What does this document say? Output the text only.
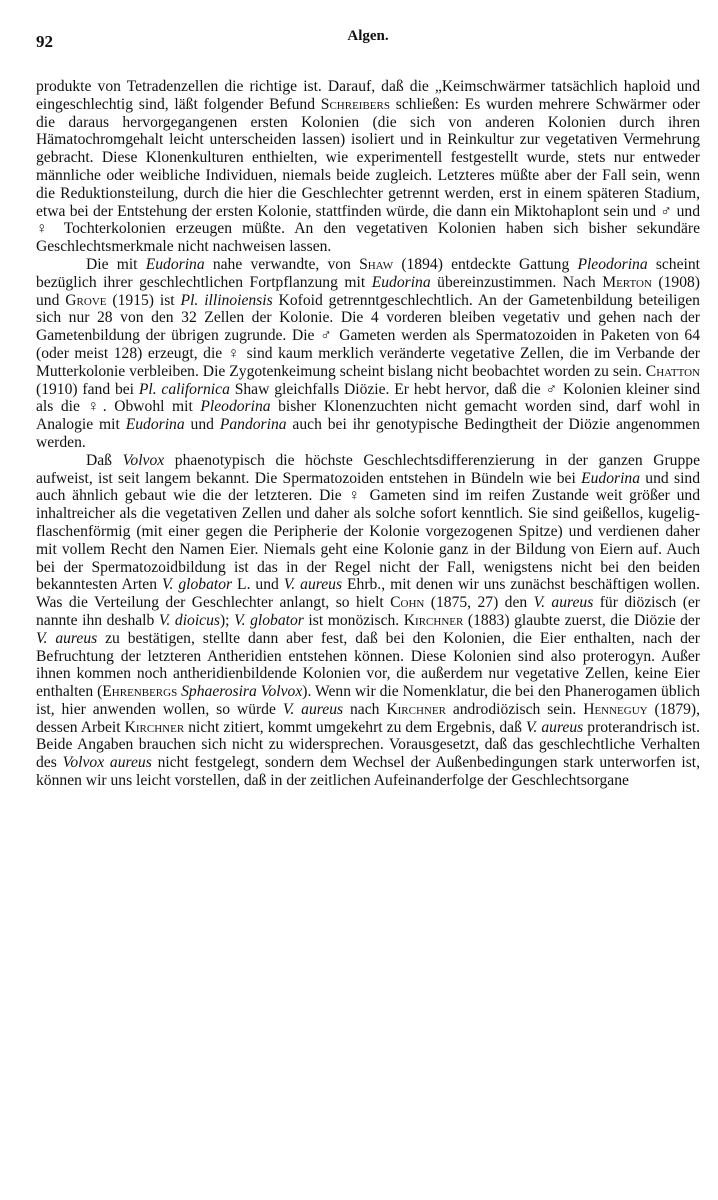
92	Algen.

produkte von Tetradenzellen die richtige ist. Darauf, daß die „Keimschwärmer tatsächlich haploid und eingeschlechtig sind, läßt folgender Befund Schreibers schließen: Es wurden mehrere Schwärmer oder die daraus hervorgegangenen ersten Kolonien (die sich von anderen Kolonien durch ihren Hämatochromgehalt leicht unterscheiden lassen) isoliert und in Reinkultur zur vegetativen Vermehrung gebracht. Diese Klonenkulturen enthielten, wie experimentell festgestellt wurde, stets nur entweder männliche oder weibliche Individuen, niemals beide zugleich. Letzteres müßte aber der Fall sein, wenn die Reduktionsteilung, durch die hier die Geschlechter getrennt werden, erst in einem späteren Stadium, etwa bei der Entstehung der ersten Kolonie, stattfinden würde, die dann ein Miktohaplont sein und ♂ und ♀ Tochterkolonien erzeugen müßte. An den vegetativen Kolonien haben sich bisher sekundäre Geschlechtsmerkmale nicht nachweisen lassen.

Die mit Eudorina nahe verwandte, von Shaw (1894) entdeckte Gattung Pleodorina scheint bezüglich ihrer geschlechtlichen Fortpflanzung mit Eudorina übereinzustimmen. Nach Merton (1908) und Grove (1915) ist Pl. illinoiensis Kofoid getrenntgeschlechtlich. An der Gametenbildung beteiligen sich nur 28 von den 32 Zellen der Kolonie. Die 4 vorderen bleiben vegetativ und gehen nach der Gametenbildung der übrigen zugrunde. Die ♂ Gameten werden als Spermatozoiden in Paketen von 64 (oder meist 128) erzeugt, die ♀ sind kaum merklich veränderte vegetative Zellen, die im Verbande der Mutterkolonie verbleiben. Die Zygotenkeimung scheint bislang nicht beobachtet worden zu sein. Chatton (1910) fand bei Pl. californica Shaw gleichfalls Diözie. Er hebt hervor, daß die ♂ Kolonien kleiner sind als die ♀. Obwohl mit Pleodorina bisher Klonenzuchten nicht gemacht worden sind, darf wohl in Analogie mit Eudorina und Pandorina auch bei ihr genotypische Bedingtheit der Diözie angenommen werden.

Daß Volvox phaenotypisch die höchste Geschlechtsdifferenzierung in der ganzen Gruppe aufweist, ist seit langem bekannt. Die Spermatozoiden entstehen in Bündeln wie bei Eudorina und sind auch ähnlich gebaut wie die der letzteren. Die ♀ Gameten sind im reifen Zustande weit größer und inhaltreicher als die vegetativen Zellen und daher als solche sofort kenntlich. Sie sind geißellos, kugelig-flaschenförmig (mit einer gegen die Peripherie der Kolonie vorgezogenen Spitze) und verdienen daher mit vollem Recht den Namen Eier. Niemals geht eine Kolonie ganz in der Bildung von Eiern auf. Auch bei der Spermatozoidbildung ist das in der Regel nicht der Fall, wenigstens nicht bei den beiden bekanntesten Arten V. globator L. und V. aureus Ehrb., mit denen wir uns zunächst beschäftigen wollen. Was die Verteilung der Geschlechter anlangt, so hielt Cohn (1875, 27) den V. aureus für diözisch (er nannte ihn deshalb V. dioicus); V. globator ist monözisch. Kirchner (1883) glaubte zuerst, die Diözie der V. aureus zu bestätigen, stellte dann aber fest, daß bei den Kolonien, die Eier enthalten, nach der Befruchtung der letzteren Antheridien entstehen können. Diese Kolonien sind also proterogyn. Außer ihnen kommen noch antheridienbildende Kolonien vor, die außerdem nur vegetative Zellen, keine Eier enthalten (Ehrenbergs Sphaerosira Volvox). Wenn wir die Nomenklatur, die bei den Phanerogamen üblich ist, hier anwenden wollen, so würde V. aureus nach Kirchner androdiözisch sein. Henneguy (1879), dessen Arbeit Kirchner nicht zitiert, kommt umgekehrt zu dem Ergebnis, daß V. aureus proterandrisch ist. Beide Angaben brauchen sich nicht zu widersprechen. Vorausgesetzt, daß das geschlechtliche Verhalten des Volvox aureus nicht festgelegt, sondern dem Wechsel der Außenbedingungen stark unterworfen ist, können wir uns leicht vorstellen, daß in der zeitlichen Aufeinanderfolge der Geschlechtsorgane
